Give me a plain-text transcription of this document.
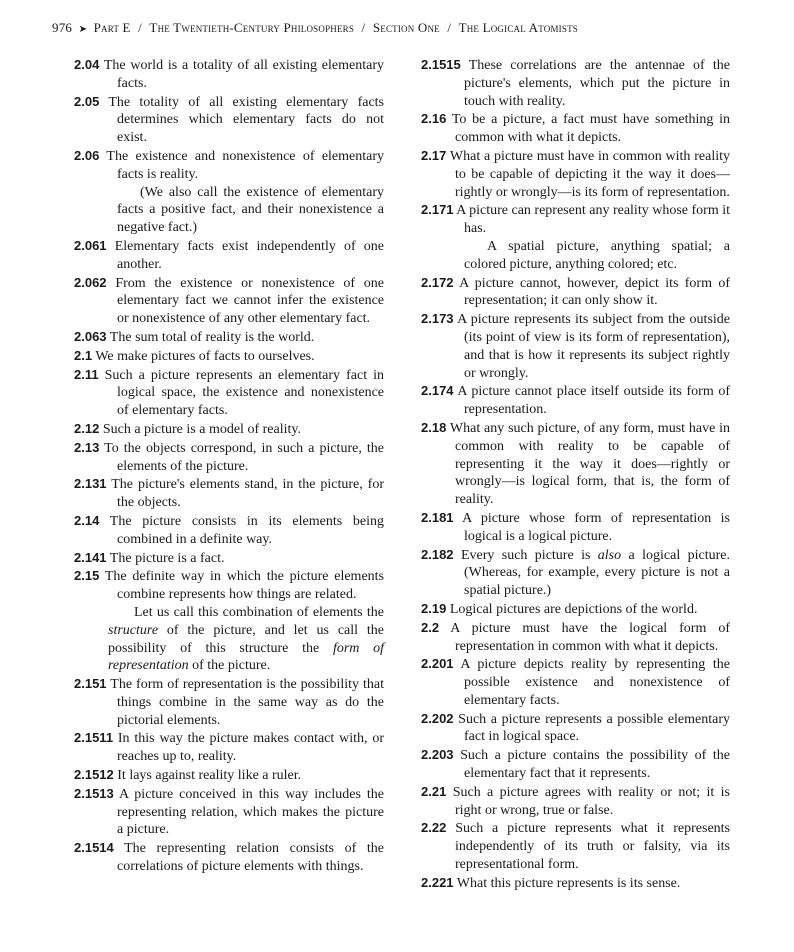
976 ➤ Part E / The Twentieth-Century Philosophers / Section One / The Logical Atomists
2.04 The world is a totality of all existing elementary facts.
2.05 The totality of all existing elementary facts determines which elementary facts do not exist.
2.06 The existence and nonexistence of elementary facts is reality.
(We also call the existence of elementary facts a positive fact, and their nonexistence a negative fact.)
2.061 Elementary facts exist independently of one another.
2.062 From the existence or nonexistence of one elementary fact we cannot infer the existence or nonexistence of any other elementary fact.
2.063 The sum total of reality is the world.
2.1 We make pictures of facts to ourselves.
2.11 Such a picture represents an elementary fact in logical space, the existence and nonexistence of elementary facts.
2.12 Such a picture is a model of reality.
2.13 To the objects correspond, in such a picture, the elements of the picture.
2.131 The picture's elements stand, in the picture, for the objects.
2.14 The picture consists in its elements being combined in a definite way.
2.141 The picture is a fact.
2.15 The definite way in which the picture elements combine represents how things are related.
Let us call this combination of elements the structure of the picture, and let us call the possibility of this structure the form of representation of the picture.
2.151 The form of representation is the possibility that things combine in the same way as do the pictorial elements.
2.1511 In this way the picture makes contact with, or reaches up to, reality.
2.1512 It lays against reality like a ruler.
2.1513 A picture conceived in this way includes the representing relation, which makes the picture a picture.
2.1514 The representing relation consists of the correlations of picture elements with things.
2.1515 These correlations are the antennae of the picture's elements, which put the picture in touch with reality.
2.16 To be a picture, a fact must have something in common with what it depicts.
2.17 What a picture must have in common with reality to be capable of depicting it the way it does—rightly or wrongly—is its form of representation.
2.171 A picture can represent any reality whose form it has.
A spatial picture, anything spatial; a colored picture, anything colored; etc.
2.172 A picture cannot, however, depict its form of representation; it can only show it.
2.173 A picture represents its subject from the outside (its point of view is its form of representation), and that is how it represents its subject rightly or wrongly.
2.174 A picture cannot place itself outside its form of representation.
2.18 What any such picture, of any form, must have in common with reality to be capable of representing it the way it does—rightly or wrongly—is logical form, that is, the form of reality.
2.181 A picture whose form of representation is logical is a logical picture.
2.182 Every such picture is also a logical picture. (Whereas, for example, every picture is not a spatial picture.)
2.19 Logical pictures are depictions of the world.
2.2 A picture must have the logical form of representation in common with what it depicts.
2.201 A picture depicts reality by representing the possible existence and nonexistence of elementary facts.
2.202 Such a picture represents a possible elementary fact in logical space.
2.203 Such a picture contains the possibility of the elementary fact that it represents.
2.21 Such a picture agrees with reality or not; it is right or wrong, true or false.
2.22 Such a picture represents what it represents independently of its truth or falsity, via its representational form.
2.221 What this picture represents is its sense.
